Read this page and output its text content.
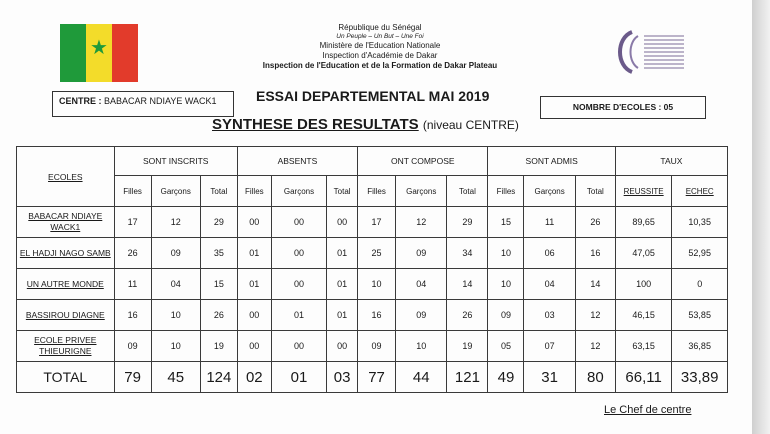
★
République du Sénégal
Un Peuple – Un But – Une Foi
Ministère de l'Education Nationale
Inspection d'Académie de Dakar
Inspection de l'Education et de la Formation de Dakar Plateau
CENTRE : BABACAR NDIAYE WACK1	ESSAI DEPARTEMENTAL MAI 2019
NOMBRE D'ECOLES : 05
SYNTHESE DES RESULTATS (niveau CENTRE)
ECOLES	SONT INSCRITS			ABSENTS			ONT COMPOSE			SONT ADMIS			TAUX	
	Filles	Garçons	Total	Filles	Garçons	Total	Filles	Garçons	Total	Filles	Garçons	Total	REUSSITE	ECHEC
BABACAR NDIAYE WACK1	17	12	29	00	00	00	17	12	29	15	11	26	89,65	10,35
EL HADJI NAGO SAMB	26	09	35	01	00	01	25	09	34	10	06	16	47,05	52,95
UN AUTRE MONDE	11	04	15	01	00	01	10	04	14	10	04	14	100	0
BASSIROU DIAGNE	16	10	26	00	01	01	16	09	26	09	03	12	46,15	53,85
ECOLE PRIVEE THIEURIGNE	09	10	19	00	00	00	09	10	19	05	07	12	63,15	36,85
TOTAL	79	45	124	02	01	03	77	44	121	49	31	80	66,11	33,89
Le Chef de centre
